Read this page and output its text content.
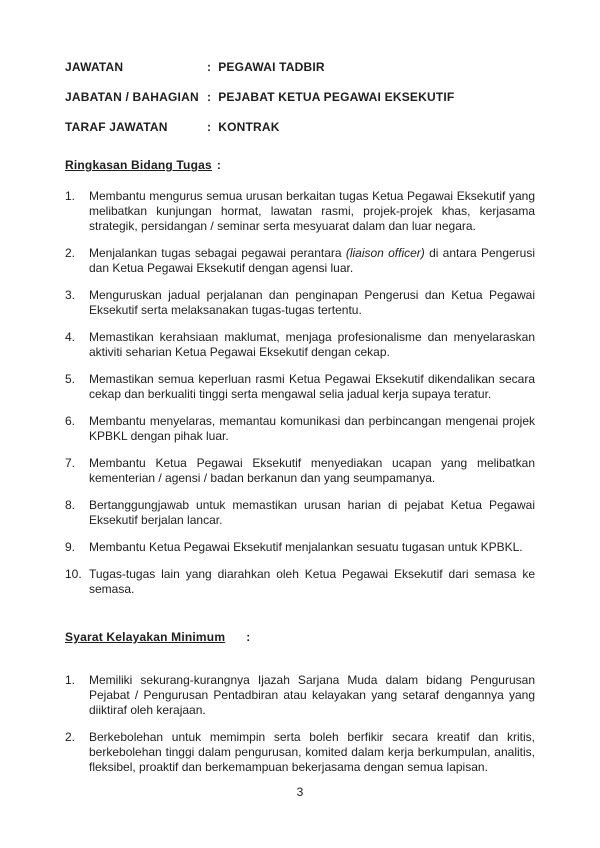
JAWATAN	: PEGAWAI TADBIR
JABATAN / BAHAGIAN : PEJABAT KETUA PEGAWAI EKSEKUTIF
TARAF JAWATAN	: KONTRAK
Ringkasan Bidang Tugas :
1.	Membantu mengurus semua urusan berkaitan tugas Ketua Pegawai Eksekutif yang melibatkan kunjungan hormat, lawatan rasmi, projek-projek khas, kerjasama strategik, persidangan / seminar serta mesyuarat dalam dan luar negara.
2.	Menjalankan tugas sebagai pegawai perantara (liaison officer) di antara Pengerusi dan Ketua Pegawai Eksekutif dengan agensi luar.
3.	Menguruskan jadual perjalanan dan penginapan Pengerusi dan Ketua Pegawai Eksekutif serta melaksanakan tugas-tugas tertentu.
4.	Memastikan kerahsiaan maklumat, menjaga profesionalisme dan menyelaraskan aktiviti seharian Ketua Pegawai Eksekutif dengan cekap.
5.	Memastikan semua keperluan rasmi Ketua Pegawai Eksekutif dikendalikan secara cekap dan berkualiti tinggi serta mengawal selia jadual kerja supaya teratur.
6.	Membantu menyelaras, memantau komunikasi dan perbincangan mengenai projek KPBKL dengan pihak luar.
7.	Membantu Ketua Pegawai Eksekutif menyediakan ucapan yang melibatkan kementerian / agensi / badan berkanun dan yang seumpamanya.
8.	Bertanggungjawab untuk memastikan urusan harian di pejabat Ketua Pegawai Eksekutif berjalan lancar.
9.	Membantu Ketua Pegawai Eksekutif menjalankan sesuatu tugasan untuk KPBKL.
10. Tugas-tugas lain yang diarahkan oleh Ketua Pegawai Eksekutif dari semasa ke semasa.
Syarat Kelayakan Minimum :
1.	Memiliki sekurang-kurangnya Ijazah Sarjana Muda dalam bidang Pengurusan Pejabat / Pengurusan Pentadbiran atau kelayakan yang setaraf dengannya yang diiktiraf oleh kerajaan.
2.	Berkebolehan untuk memimpin serta boleh berfikir secara kreatif dan kritis, berkebolehan tinggi dalam pengurusan, komited dalam kerja berkumpulan, analitis, fleksibel, proaktif dan berkemampuan bekerjasama dengan semua lapisan.
3
